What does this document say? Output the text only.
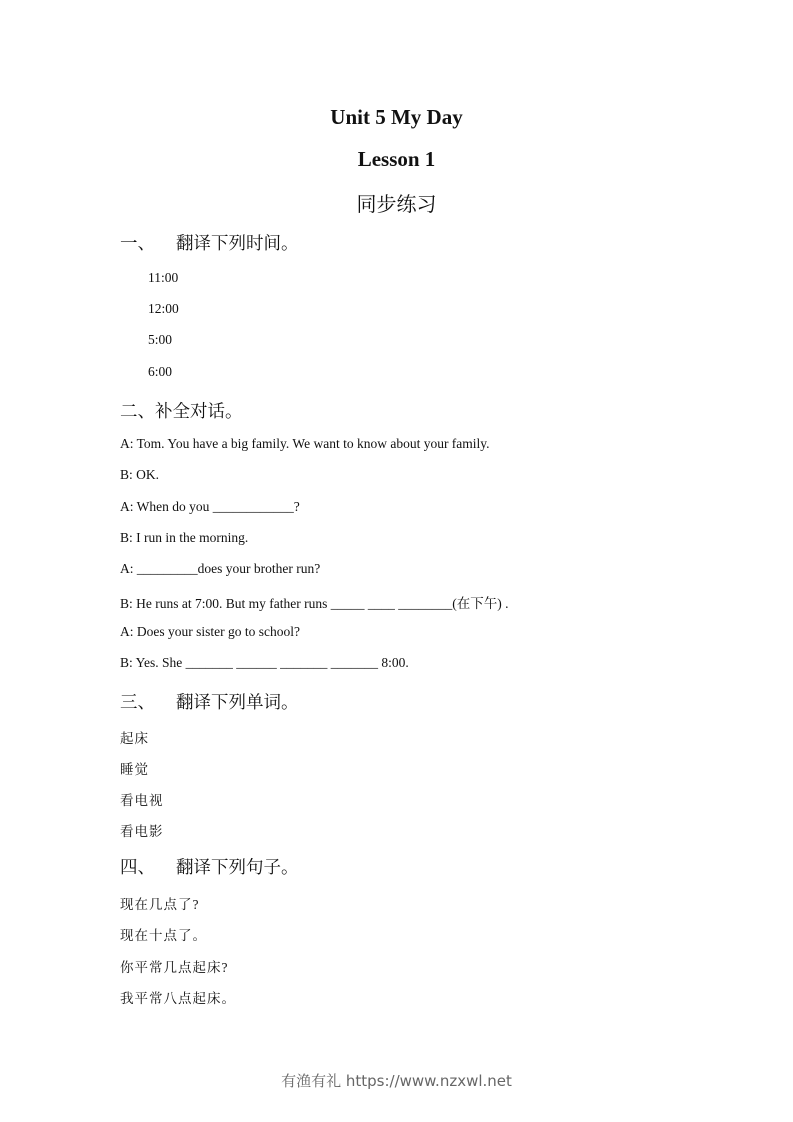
Unit 5 My Day
Lesson 1
同步练习
一、 翻译下列时间。
11:00
12:00
5:00
6:00
二、补全对话。
A: Tom. You have a big family. We want to know about your family.
B: OK.
A: When do you ____________?
B: I run in the morning.
A: _________does your brother run?
B: He runs at 7:00. But my father runs _____ ____ ________(在下午) .
A: Does your sister go to school?
B: Yes. She _______ ______ _______ _______ 8:00.
三、 翻译下列单词。
起床
睡觉
看电视
看电影
四、 翻译下列句子。
现在几点了?
现在十点了。
你平常几点起床?
我平常八点起床。
有渔有礼 https://www.nzxwl.net
